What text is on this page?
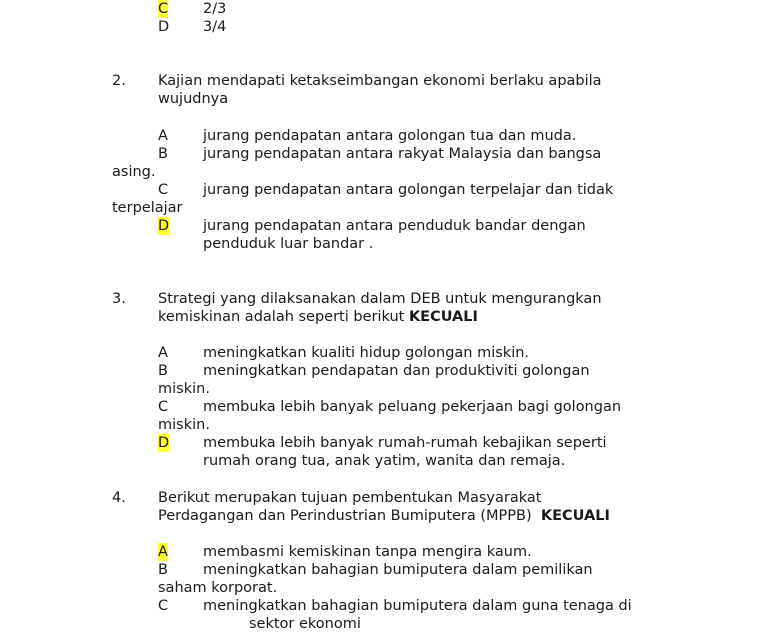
C 2/3
D 3/4
2. Kajian mendapati ketakseimbangan ekonomi berlaku apabila
wujudnya
A jurang pendapatan antara golongan tua dan muda.
B jurang pendapatan antara rakyat Malaysia dan bangsa
asing.
C jurang pendapatan antara golongan terpelajar dan tidak
terpelajar
D jurang pendapatan antara penduduk bandar dengan
penduduk luar bandar .
3. Strategi yang dilaksanakan dalam DEB untuk mengurangkan
kemiskinan adalah seperti berikut KECUALI
A meningkatkan kualiti hidup golongan miskin.
B meningkatkan pendapatan dan produktiviti golongan
miskin.
C membuka lebih banyak peluang pekerjaan bagi golongan
miskin.
D membuka lebih banyak rumah-rumah kebajikan seperti
rumah orang tua, anak yatim, wanita dan remaja.
4. Berikut merupakan tujuan pembentukan Masyarakat
Perdagangan dan Perindustrian Bumiputera (MPPB) KECUALI
A membasmi kemiskinan tanpa mengira kaum.
B meningkatkan bahagian bumiputera dalam pemilikan
saham korporat.
C meningkatkan bahagian bumiputera dalam guna tenaga di
sektor ekonomi
